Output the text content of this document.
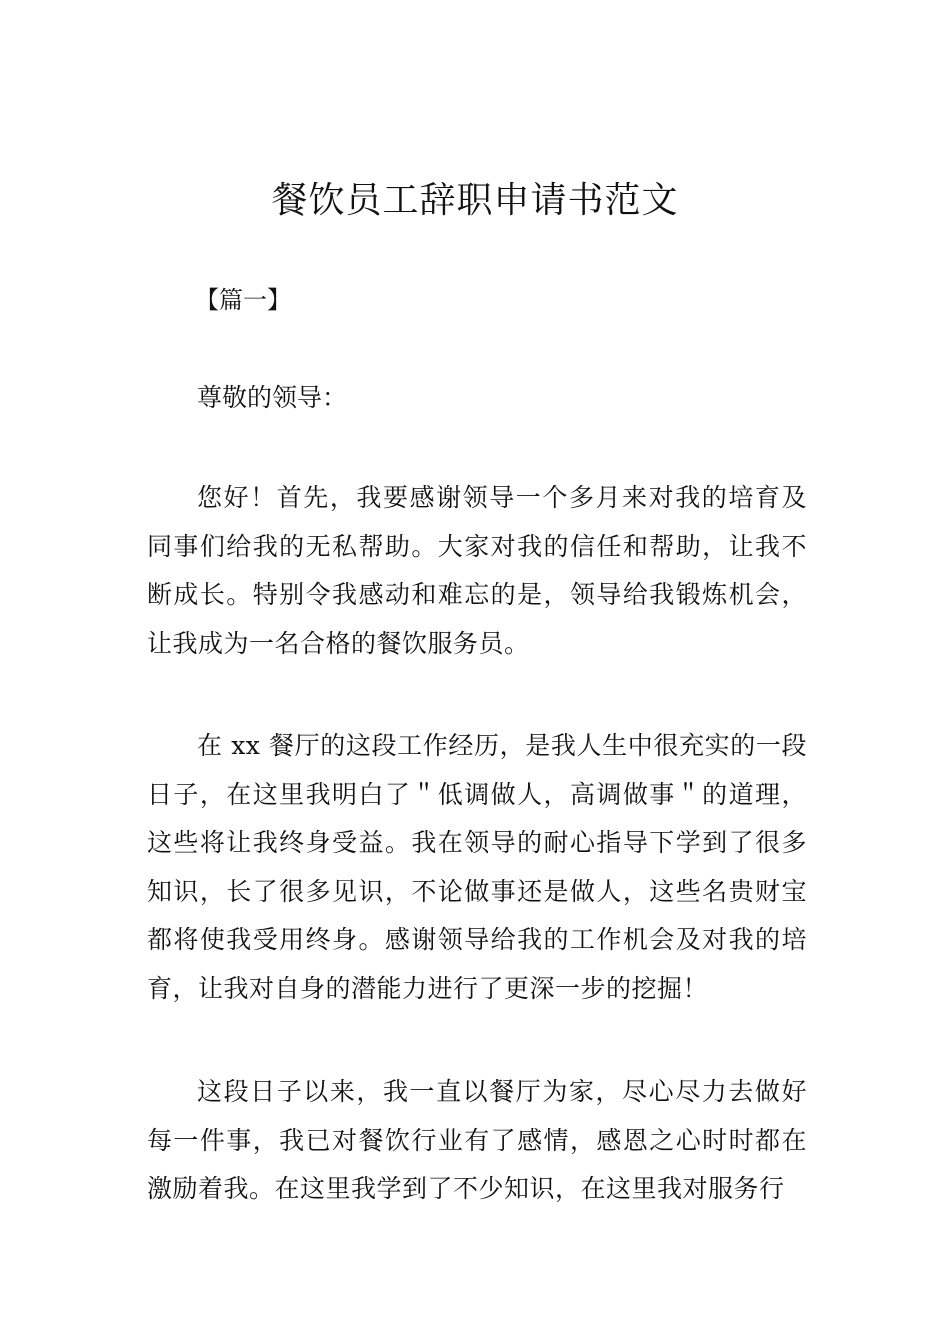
餐饮员工辞职申请书范文

【篇一】

尊敬的领导：

您好！首先，我要感谢领导一个多月来对我的培育及同事们给我的无私帮助。大家对我的信任和帮助，让我不断成长。特别令我感动和难忘的是，领导给我锻炼机会，让我成为一名合格的餐饮服务员。

在 xx 餐厅的这段工作经历，是我人生中很充实的一段日子，在这里我明白了＂低调做人，高调做事＂的道理，这些将让我终身受益。我在领导的耐心指导下学到了很多知识，长了很多见识，不论做事还是做人，这些名贵财宝都将使我受用终身。感谢领导给我的工作机会及对我的培育，让我对自身的潜能力进行了更深一步的挖掘！

这段日子以来，我一直以餐厅为家，尽心尽力去做好每一件事，我已对餐饮行业有了感情，感恩之心时时都在激励着我。在这里我学到了不少知识，在这里我对服务行
